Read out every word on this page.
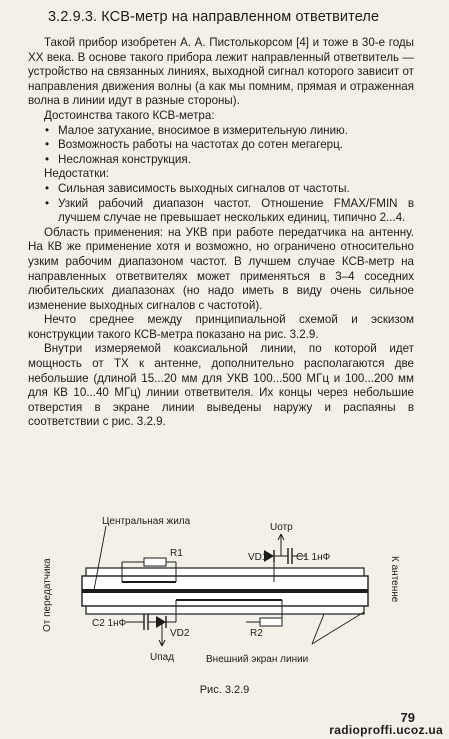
3.2.9.3. КСВ-метр на направленном ответвителе

Такой прибор изобретен А. А. Пистолькорсом [4] и тоже в 30-е годы XX века. В основе такого прибора лежит направленный ответвитель — устройство на связанных линиях, выходной сигнал которого зависит от направления движения волны (а как мы помним, прямая и отраженная волна в линии идут в разные стороны).

Достоинства такого КСВ-метра:
• Малое затухание, вносимое в измерительную линию.
• Возможность работы на частотах до сотен мегагерц.
• Несложная конструкция.
Недостатки:
• Сильная зависимость выходных сигналов от частоты.
• Узкий рабочий диапазон частот. Отношение FMAX/FMIN в лучшем случае не превышает нескольких единиц, типично 2...4.

Область применения: на УКВ при работе передатчика на антенну. На КВ же применение хотя и возможно, но ограничено относительно узким рабочим диапазоном частот. В лучшем случае КСВ-метр на направленных ответвителях может применяться в 3–4 соседних любительских диапазонах (но надо иметь в виду очень сильное изменение выходных сигналов с частотой).

Нечто среднее между принципиальной схемой и эскизом конструкции такого КСВ-метра показано на рис. 3.2.9.

Внутри измеряемой коаксиальной линии, по которой идет мощность от TX к антенне, дополнительно располагаются две небольшие (длиной 15...20 мм для УКВ 100...500 МГц и 100...200 мм для КВ 10...40 МГц) линии ответвителя. Их концы через небольшие отверстия в экране линии выведены наружу и распаяны в соответствии с рис. 3.2.9.

Центральная жила
От передатчика	К антенне
R1
R2
VD1
VD2
С1 1нФ
С2 1нФ
Uотр
Uпад	Внешний экран линии
Рис. 3.2.9
79
radioproffi.ucoz.ua
